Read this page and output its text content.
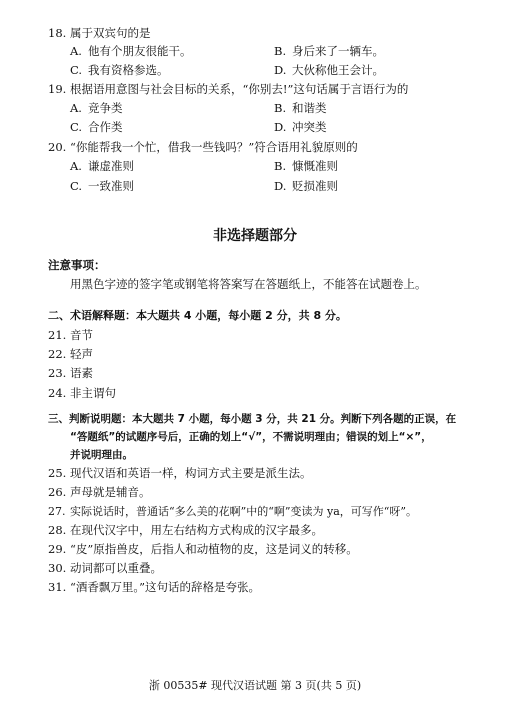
18. 属于双宾句的是
A. 他有个朋友很能干。	B. 身后来了一辆车。
C. 我有资格参选。	D. 大伙称他王会计。
19. 根据语用意图与社会目标的关系，“你别去!”这句话属于言语行为的
A. 竞争类	B. 和谐类
C. 合作类	D. 冲突类
20. “你能帮我一个忙，借我一些钱吗？”符合语用礼貌原则的
A. 谦虚准则	B. 慷慨准则
C. 一致准则	D. 贬损准则
非选择题部分
注意事项：
用黑色字迹的签字笔或钢笔将答案写在答题纸上，不能答在试题卷上。
二、术语解释题：本大题共 4 小题，每小题 2 分，共 8 分。
21. 音节
22. 轻声
23. 语素
24. 非主谓句
三、判断说明题：本大题共 7 小题，每小题 3 分，共 21 分。判断下列各题的正误，在
“答题纸”的试题序号后，正确的划上“√”，不需说明理由；错误的划上“×”，
并说明理由。
25. 现代汉语和英语一样，构词方式主要是派生法。
26. 声母就是辅音。
27. 实际说话时，普通话“多么美的花啊”中的“啊”变读为 ya，可写作“呀”。
28. 在现代汉字中，用左右结构方式构成的汉字最多。
29. “皮”原指兽皮，后指人和动植物的皮，这是词义的转移。
30. 动词都可以重叠。
31. “酒香飘万里。”这句话的辞格是夸张。
浙 00535# 现代汉语试题 第 3 页(共 5 页)
